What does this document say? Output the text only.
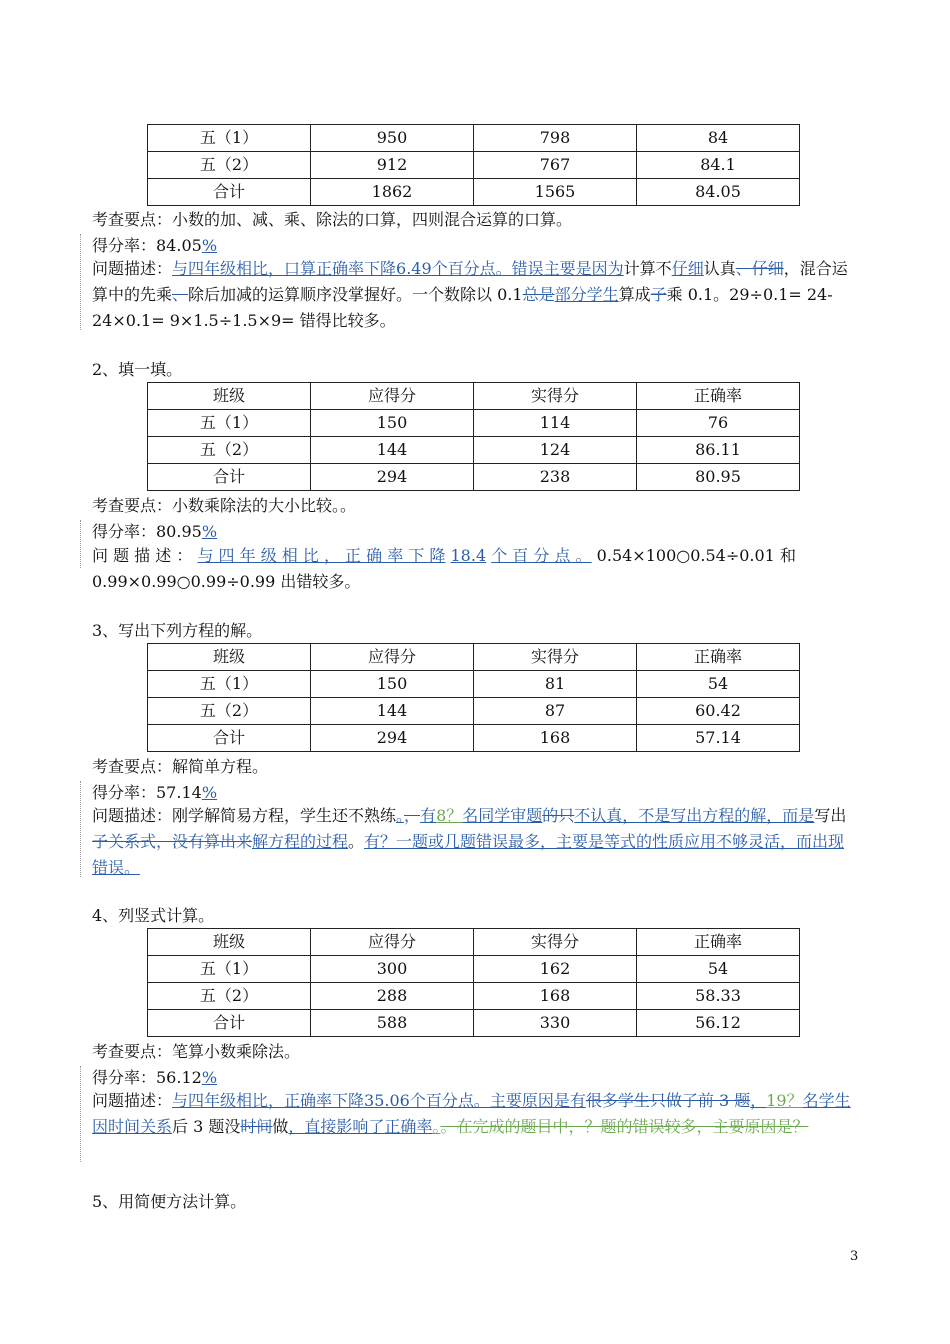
五（1）	950	798	84
五（2）	912	767	84.1
合计	1862	1565	84.05
考查要点：小数的加、减、乘、除法的口算，四则混合运算的口算。
得分率：84.05%
问题描述：与四年级相比，口算正确率下降6.49个百分点。错误主要是因为计算不仔细认真、仔细，混合运算中的先乘、除后加减的运算顺序没掌握好。一个数除以 0.1总是部分学生算成子乘 0.1。29÷0.1= 24-24×0.1= 9×1.5÷1.5×9= 错得比较多。
2、填一填。
班级	应得分	实得分	正确率
五（1）	150	114	76
五（2）	144	124	86.11
合计	294	238	80.95
考查要点：小数乘除法的大小比较。。
得分率：80.95%
问 题 描 述 ： 与 四 年 级 相 比 ， 正 确 率 下 降 18.4 个 百 分 点 。 0.54×100○0.54÷0.01 和
0.99×0.99○0.99÷0.99 出错较多。
3、写出下列方程的解。
班级	应得分	实得分	正确率
五（1）	150	81	54
五（2）	144	87	60.42
合计	294	168	57.14
考查要点：解简单方程。
得分率：57.14%
问题描述：刚学解简易方程，学生还不熟练。，有8？名同学审题的只不认真，不是写出方程的解，而是写出子关系式，没有算出来解方程的过程。有？一题或几题错误最多，主要是等式的性质应用不够灵活，而出现错误。
4、列竖式计算。
班级	应得分	实得分	正确率
五（1）	300	162	54
五（2）	288	168	58.33
合计	588	330	56.12
考查要点：笔算小数乘除法。
得分率：56.12%
问题描述：与四年级相比，正确率下降35.06个百分点。主要原因是有很多学生只做了前 3 题，19？名学生因时间关系后 3 题没时间做，直接影响了正确率。。在完成的题目中，？题的错误较多，主要原因是？
5、用简便方法计算。
3
